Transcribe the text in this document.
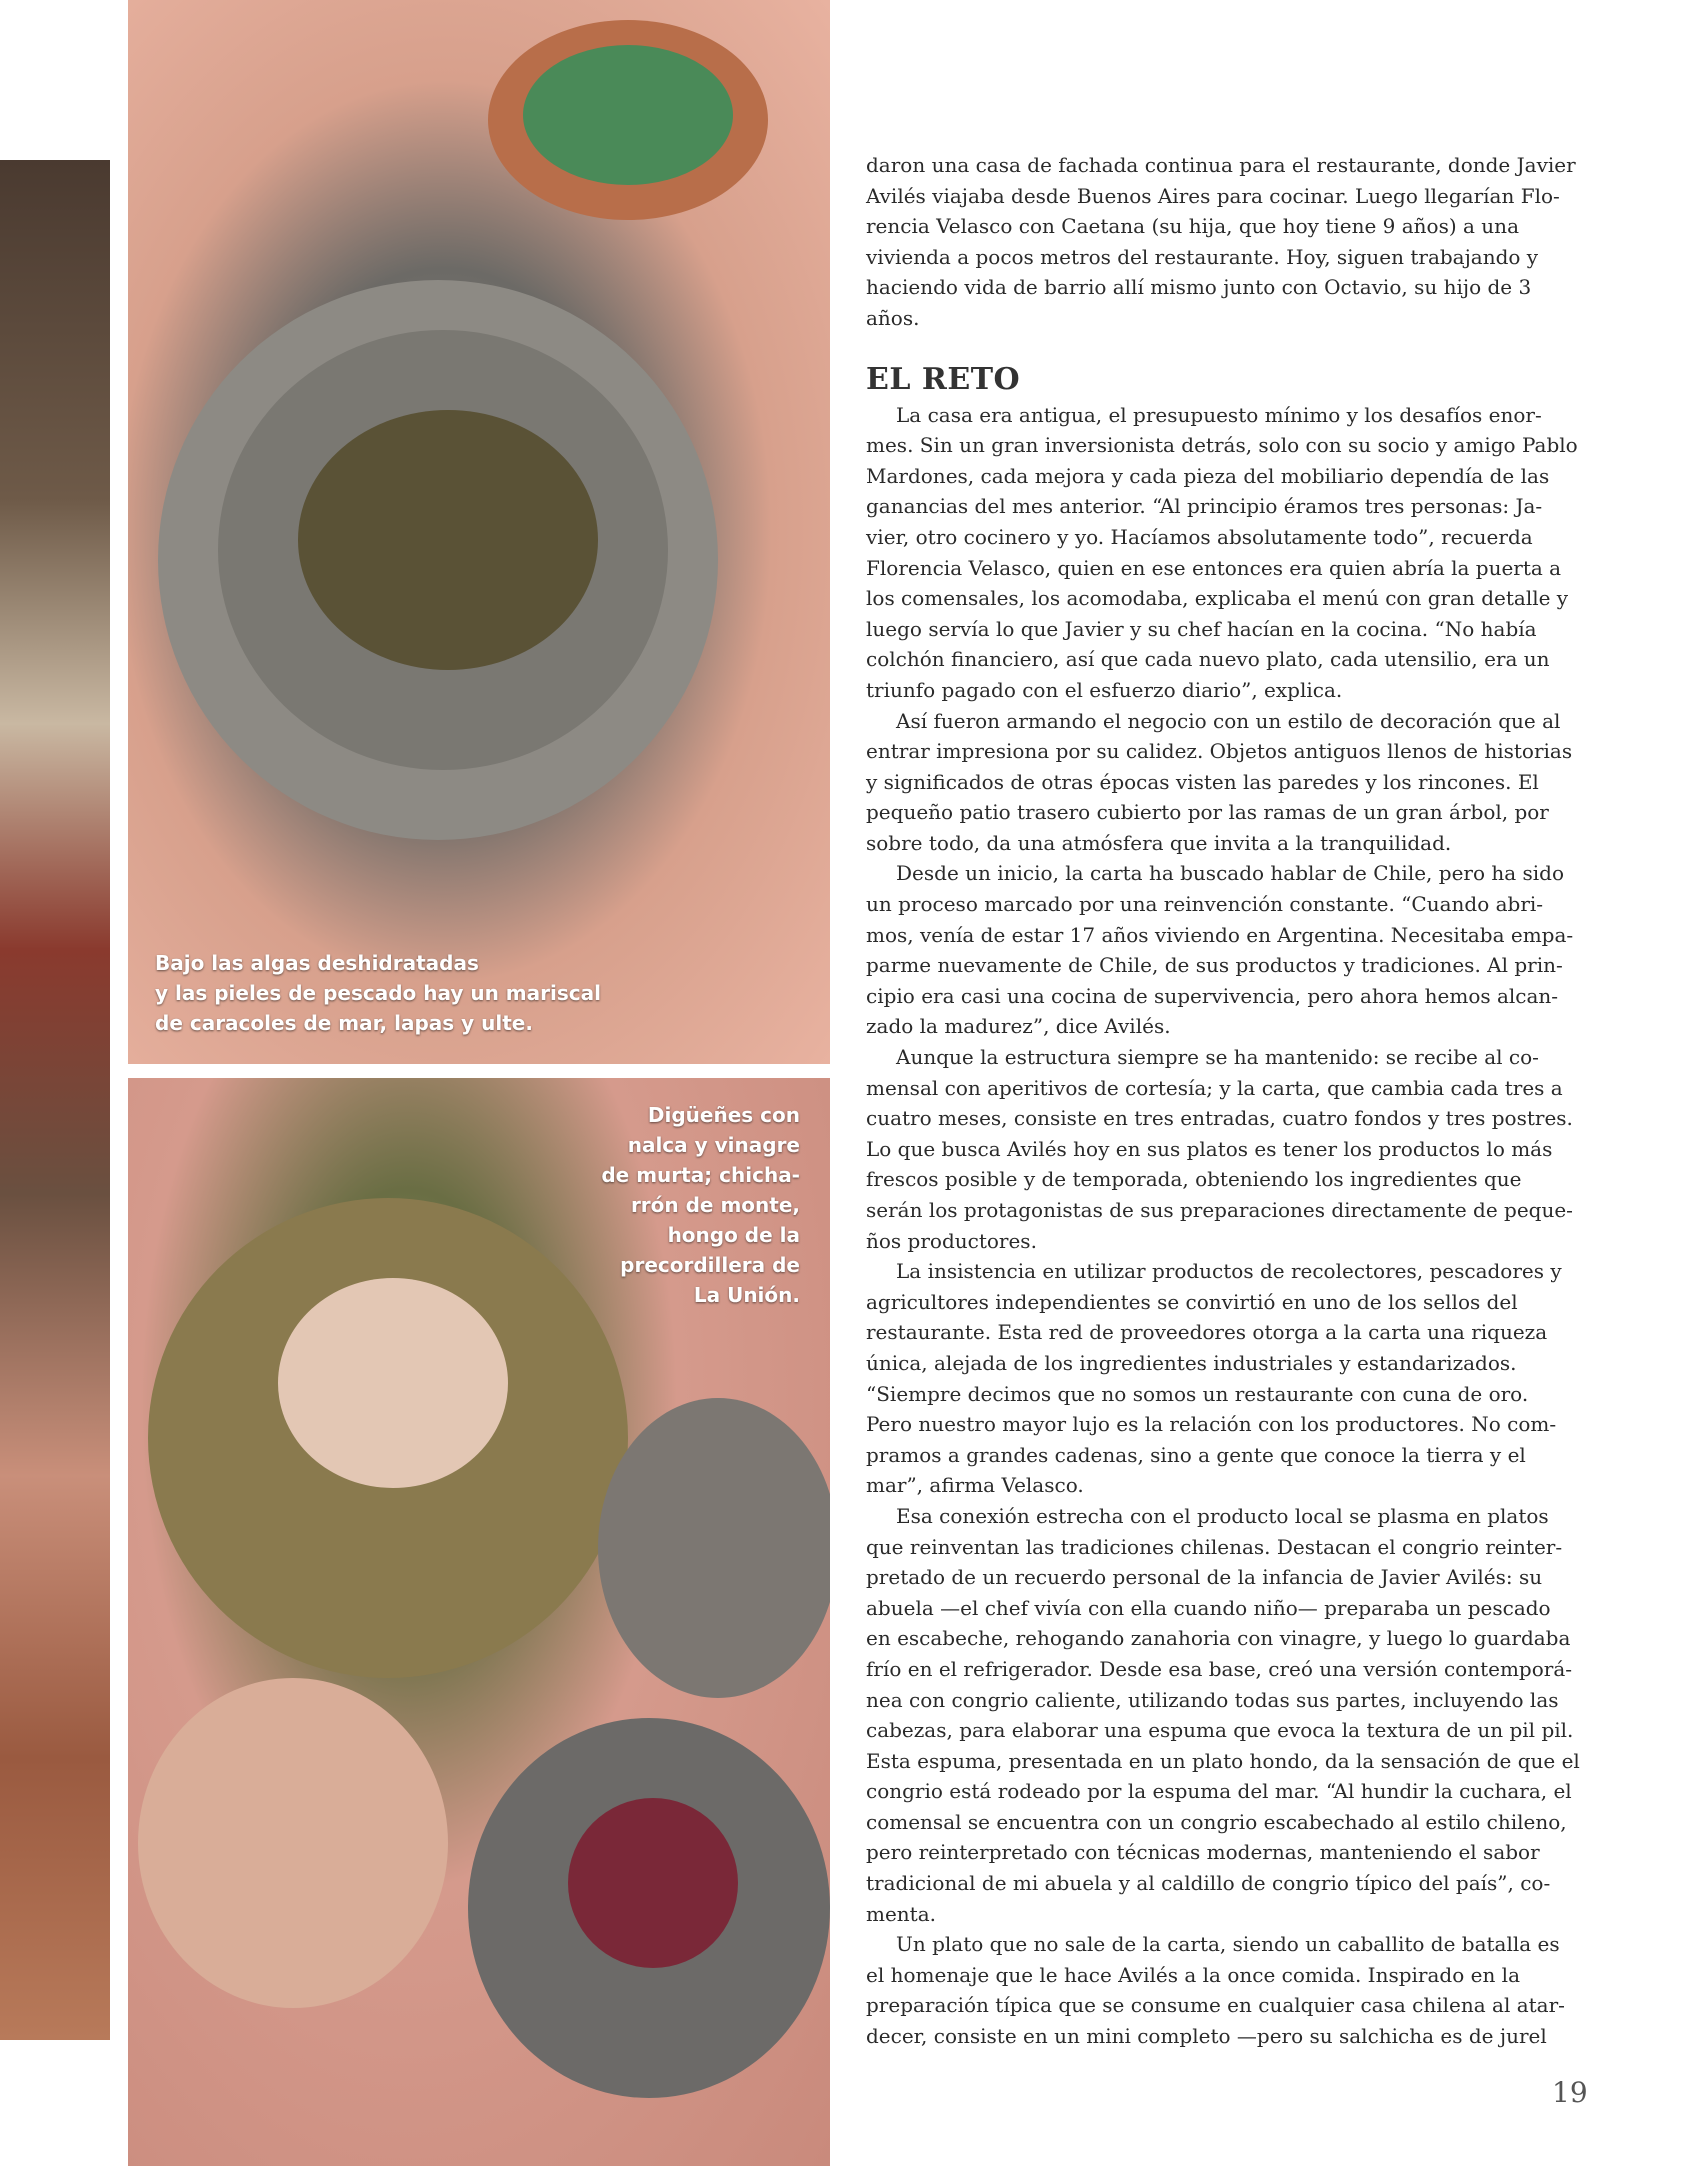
Bajo las algas deshidratadas
y las pieles de pescado hay un mariscal
de caracoles de mar, lapas y ulte.

Digüeñes con
nalca y vinagre
de murta; chicha-
rrón de monte,
hongo de la
precordillera de
La Unión.

daron una casa de fachada continua para el restaurante, donde Javier
Avilés viajaba desde Buenos Aires para cocinar. Luego llegarían Flo-
rencia Velasco con Caetana (su hija, que hoy tiene 9 años) a una
vivienda a pocos metros del restaurante. Hoy, siguen trabajando y
haciendo vida de barrio allí mismo junto con Octavio, su hijo de 3
años.

EL RETO

La casa era antigua, el presupuesto mínimo y los desafíos enor-
mes. Sin un gran inversionista detrás, solo con su socio y amigo Pablo
Mardones, cada mejora y cada pieza del mobiliario dependía de las
ganancias del mes anterior. “Al principio éramos tres personas: Ja-
vier, otro cocinero y yo. Hacíamos absolutamente todo”, recuerda
Florencia Velasco, quien en ese entonces era quien abría la puerta a
los comensales, los acomodaba, explicaba el menú con gran detalle y
luego servía lo que Javier y su chef hacían en la cocina. “No había
colchón financiero, así que cada nuevo plato, cada utensilio, era un
triunfo pagado con el esfuerzo diario”, explica.

Así fueron armando el negocio con un estilo de decoración que al
entrar impresiona por su calidez. Objetos antiguos llenos de historias
y significados de otras épocas visten las paredes y los rincones. El
pequeño patio trasero cubierto por las ramas de un gran árbol, por
sobre todo, da una atmósfera que invita a la tranquilidad.

Desde un inicio, la carta ha buscado hablar de Chile, pero ha sido
un proceso marcado por una reinvención constante. “Cuando abri-
mos, venía de estar 17 años viviendo en Argentina. Necesitaba empa-
parme nuevamente de Chile, de sus productos y tradiciones. Al prin-
cipio era casi una cocina de supervivencia, pero ahora hemos alcan-
zado la madurez”, dice Avilés.

Aunque la estructura siempre se ha mantenido: se recibe al co-
mensal con aperitivos de cortesía; y la carta, que cambia cada tres a
cuatro meses, consiste en tres entradas, cuatro fondos y tres postres.
Lo que busca Avilés hoy en sus platos es tener los productos lo más
frescos posible y de temporada, obteniendo los ingredientes que
serán los protagonistas de sus preparaciones directamente de peque-
ños productores.

La insistencia en utilizar productos de recolectores, pescadores y
agricultores independientes se convirtió en uno de los sellos del
restaurante. Esta red de proveedores otorga a la carta una riqueza
única, alejada de los ingredientes industriales y estandarizados.
“Siempre decimos que no somos un restaurante con cuna de oro.
Pero nuestro mayor lujo es la relación con los productores. No com-
pramos a grandes cadenas, sino a gente que conoce la tierra y el
mar”, afirma Velasco.

Esa conexión estrecha con el producto local se plasma en platos
que reinventan las tradiciones chilenas. Destacan el congrio reinter-
pretado de un recuerdo personal de la infancia de Javier Avilés: su
abuela —el chef vivía con ella cuando niño— preparaba un pescado
en escabeche, rehogando zanahoria con vinagre, y luego lo guardaba
frío en el refrigerador. Desde esa base, creó una versión contemporá-
nea con congrio caliente, utilizando todas sus partes, incluyendo las
cabezas, para elaborar una espuma que evoca la textura de un pil pil.
Esta espuma, presentada en un plato hondo, da la sensación de que el
congrio está rodeado por la espuma del mar. “Al hundir la cuchara, el
comensal se encuentra con un congrio escabechado al estilo chileno,
pero reinterpretado con técnicas modernas, manteniendo el sabor
tradicional de mi abuela y al caldillo de congrio típico del país”, co-
menta.

Un plato que no sale de la carta, siendo un caballito de batalla es
el homenaje que le hace Avilés a la once comida. Inspirado en la
preparación típica que se consume en cualquier casa chilena al atar-
decer, consiste en un mini completo —pero su salchicha es de jurel

19
